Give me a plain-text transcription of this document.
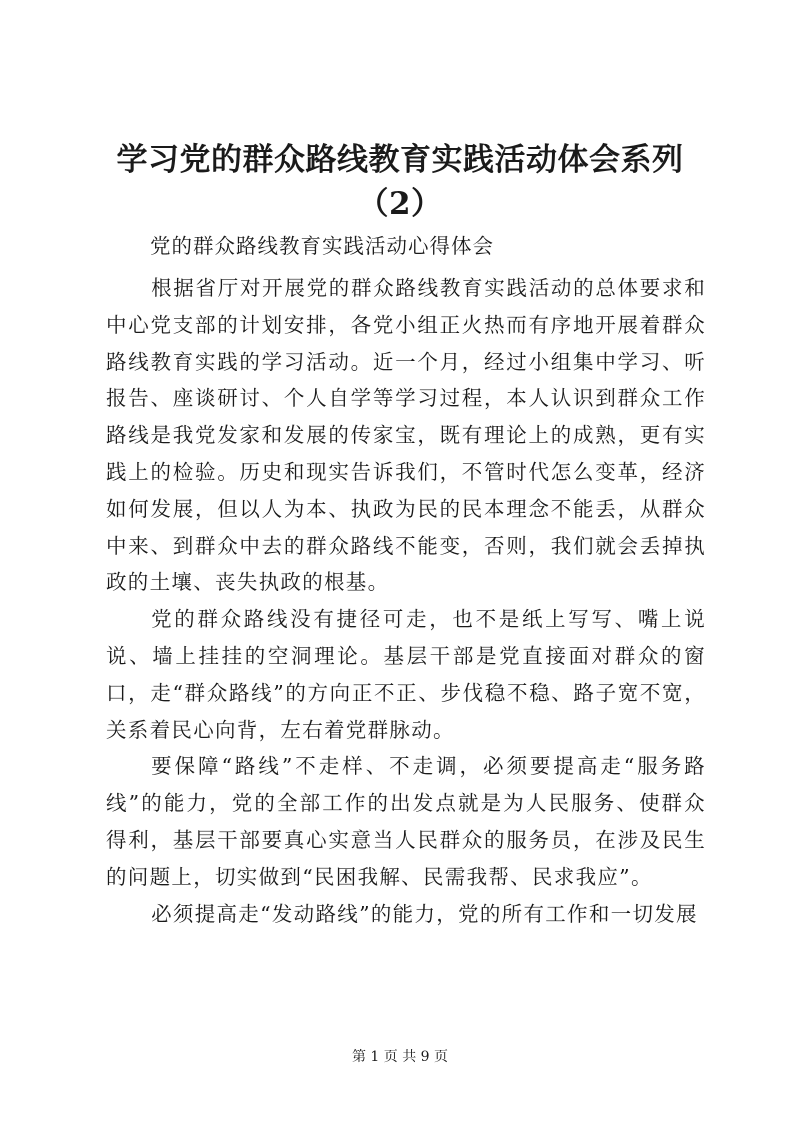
学习党的群众路线教育实践活动体会系列
（2）
党的群众路线教育实践活动心得体会

根据省厅对开展党的群众路线教育实践活动的总体要求和中心党支部的计划安排，各党小组正火热而有序地开展着群众路线教育实践的学习活动。近一个月，经过小组集中学习、听报告、座谈研讨、个人自学等学习过程，本人认识到群众工作路线是我党发家和发展的传家宝，既有理论上的成熟，更有实践上的检验。历史和现实告诉我们，不管时代怎么变革，经济如何发展，但以人为本、执政为民的民本理念不能丢，从群众中来、到群众中去的群众路线不能变，否则，我们就会丢掉执政的土壤、丧失执政的根基。

党的群众路线没有捷径可走，也不是纸上写写、嘴上说说、墙上挂挂的空洞理论。基层干部是党直接面对群众的窗口，走“群众路线”的方向正不正、步伐稳不稳、路子宽不宽，关系着民心向背，左右着党群脉动。

要保障“路线”不走样、不走调，必须要提高走“服务路线”的能力，党的全部工作的出发点就是为人民服务、使群众得利，基层干部要真心实意当人民群众的服务员，在涉及民生的问题上，切实做到“民困我解、民需我帮、民求我应”。

必须提高走“发动路线”的能力，党的所有工作和一切发展

第 1 页 共 9 页
